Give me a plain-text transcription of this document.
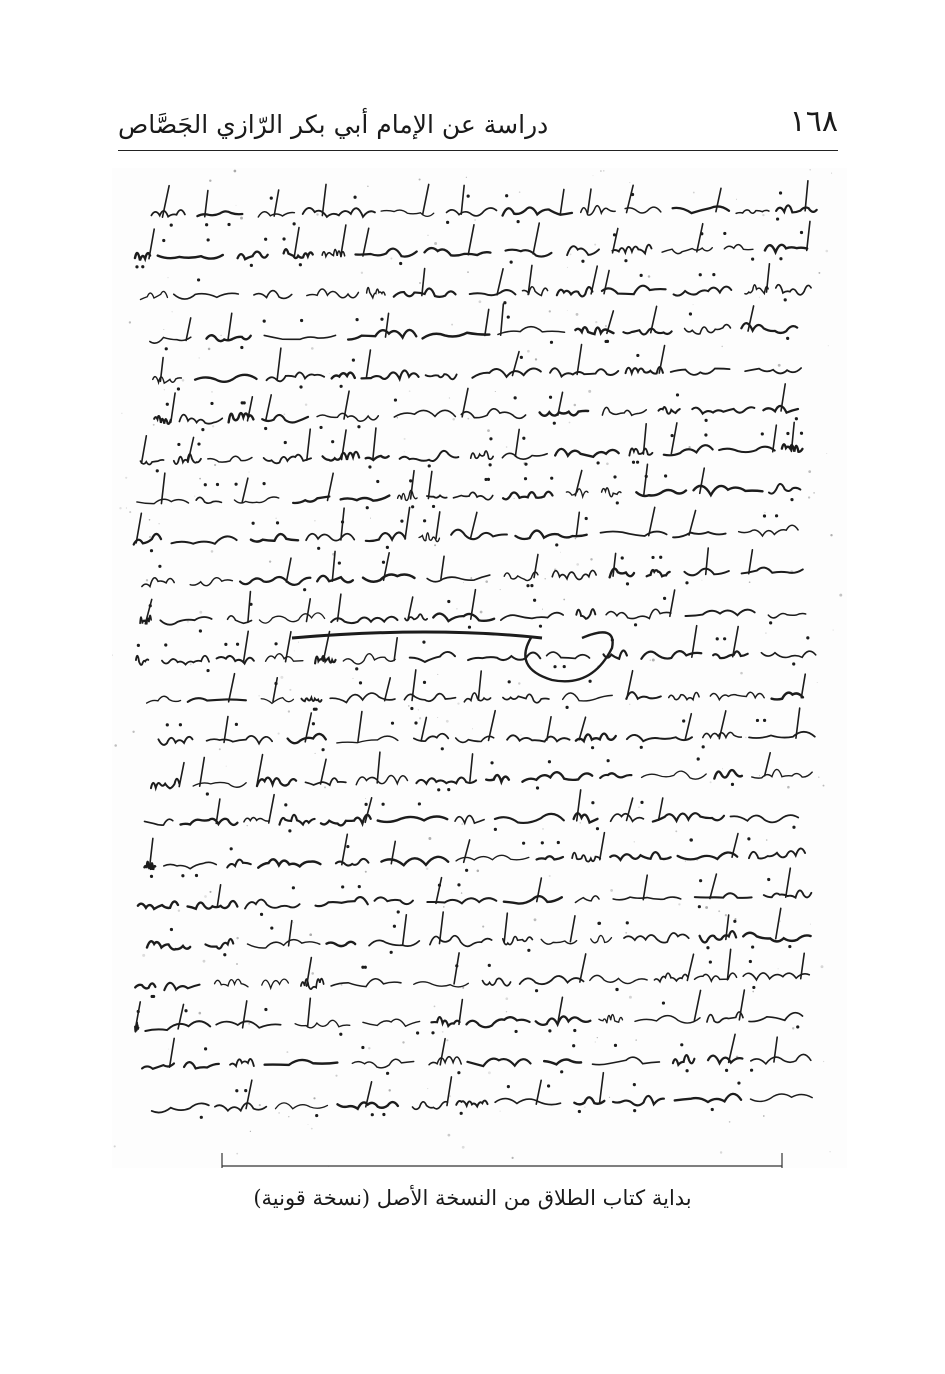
١٦٨
دراسة عن الإمام أبي بكر الرّازي الجَصَّاص
بداية كتاب الطلاق من النسخة الأصل (نسخة قونية)
